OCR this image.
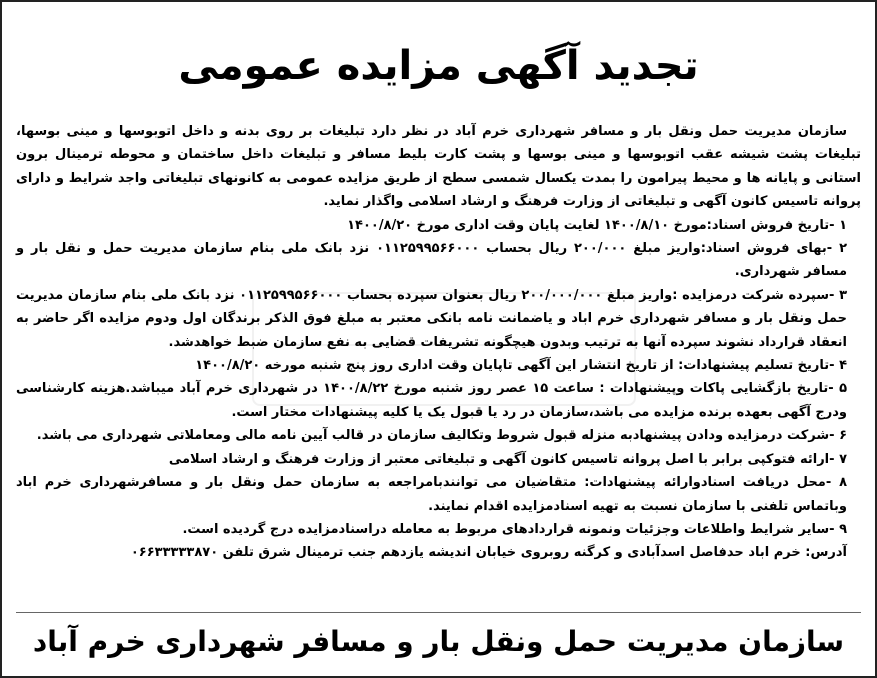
تجدید آگهی مزایده عمومی

سازمان مدیریت حمل ونقل بار و مسافر شهرداری خرم آباد در نظر دارد تبلیغات بر روی بدنه و داخل اتوبوسها و مینی بوسها، تبلیغات پشت شیشه عقب اتوبوسها و مینی بوسها و پشت کارت بلیط مسافر و تبلیغات داخل ساختمان و محوطه ترمینال برون استانی و پایانه ها و محیط پیرامون را بمدت یکسال شمسی سطح از طریق مزایده عمومی به کانونهای تبلیغاتی واجد شرایط و دارای پروانه تاسیس کانون آگهی و تبلیغاتی از وزارت فرهنگ و ارشاد اسلامی واگذار نماید.

۱ -تاریخ فروش اسناد:مورخ ۱۴۰۰/۸/۱۰ لغایت پایان وقت اداری مورخ ۱۴۰۰/۸/۲۰

۲ -بهای فروش اسناد:واریز مبلغ ۲۰۰/۰۰۰ ریال بحساب ۰۱۱۲۵۹۹۵۶۶۰۰۰ نزد بانک ملی بنام سازمان مدیریت حمل و نقل بار و مسافر شهرداری.

۳ -سپرده شرکت درمزایده :واریز مبلغ ۲۰۰/۰۰۰/۰۰۰ ریال بعنوان سپرده بحساب ۰۱۱۲۵۹۹۵۶۶۰۰۰ نزد بانک ملی بنام سازمان مدیریت حمل ونقل بار و مسافر شهرداری خرم اباد و یاضمانت نامه بانکی معتبر به مبلغ فوق الذکر برندگان اول ودوم مزایده اگر حاضر به انعقاد قرارداد نشوند سپرده آنها به ترتیب وبدون هیچگونه تشریفات قضایی به نفع سازمان ضبط خواهدشد.

۴ -تاریخ تسلیم پیشنهادات: از تاریخ انتشار این آگهی تاپایان وقت اداری روز پنج شنبه مورخه ۱۴۰۰/۸/۲۰

۵ -تاریخ بازگشایی پاکات وپیشنهادات : ساعت ۱۵ عصر روز شنبه مورخ ۱۴۰۰/۸/۲۲ در شهرداری خرم آباد میباشد.هزینه کارشناسی ودرج آگهی بعهده برنده مزایده می باشد،سازمان در رد یا قبول یک یا کلیه پیشنهادات مختار است.

۶ -شرکت درمزایده ودادن پیشنهادبه منزله قبول شروط وتکالیف سازمان در قالب آیین نامه مالی ومعاملاتی شهرداری می باشد.

۷ -ارائه فتوکپی برابر با اصل پروانه تاسیس کانون آگهی و تبلیغاتی معتبر از وزارت فرهنگ و ارشاد اسلامی

۸ -محل دریافت اسنادوارائه پیشنهادات: متقاضیان می توانندبامراجعه به سازمان حمل ونقل بار و مسافرشهرداری خرم اباد وباتماس تلفنی با سازمان نسبت به تهیه اسنادمزایده اقدام نمایند.

۹ -سایر شرایط واطلاعات وجزئیات ونمونه قراردادهای مربوط به معامله دراسنادمزایده درج گردیده است.

آدرس: خرم اباد حدفاصل اسدآبادی و کرگنه روبروی خیابان اندیشه یازدهم جنب ترمینال شرق تلفن ۰۶۶۳۳۳۳۳۸۷۰

سازمان مدیریت حمل ونقل بار و مسافر شهرداری خرم آباد
